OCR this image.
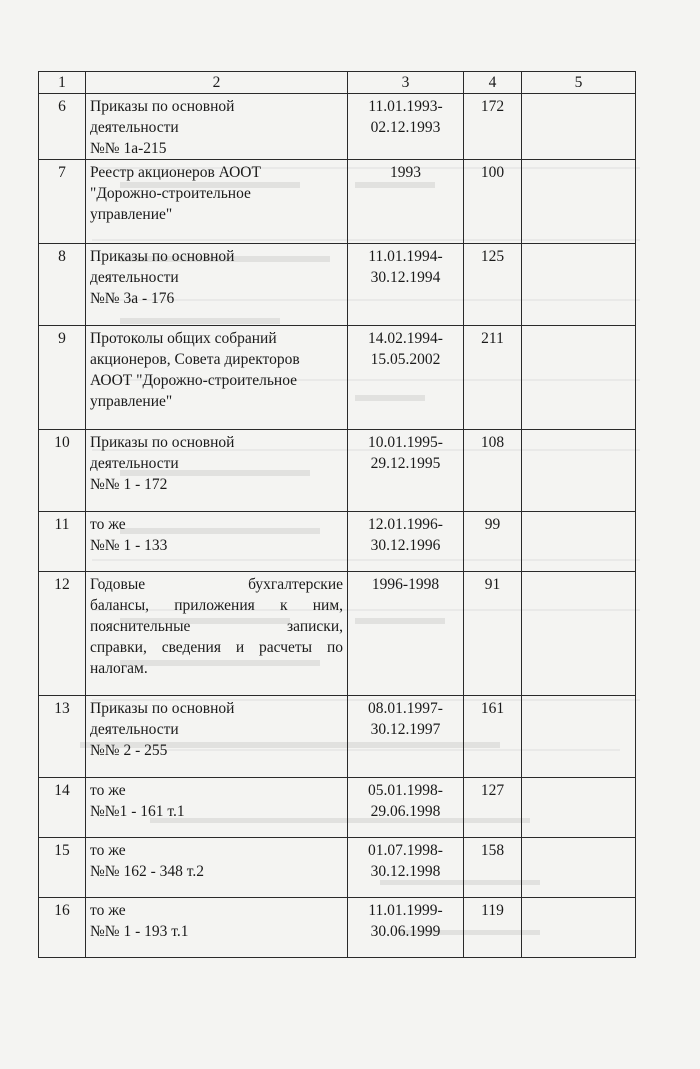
1	2	3	4	5
6	Приказы по основной
деятельности
№№ 1а-215	11.01.1993-
02.12.1993	172	
7	Реестр акционеров АООТ
"Дорожно-строительное
управление"	1993	100	
8	Приказы по основной
деятельности
№№ 3а - 176	11.01.1994-
30.12.1994	125	
9	Протоколы общих собраний
акционеров, Совета директоров
АООТ "Дорожно-строительное
управление"	14.02.1994-
15.05.2002	211	
10	Приказы по основной
деятельности
№№ 1 - 172	10.01.1995-
29.12.1995	108	
11	то же
№№ 1 - 133	12.01.1996-
30.12.1996	99	
12	Годовые бухгалтерские
балансы, приложения к ним,
пояснительные записки,
справки, сведения и расчеты по
налогам.	1996-1998	91	
13	Приказы по основной
деятельности
№№ 2 - 255	08.01.1997-
30.12.1997	161	
14	то же
№№1 - 161 т.1	05.01.1998-
29.06.1998	127	
15	то же
№№ 162 - 348 т.2	01.07.1998-
30.12.1998	158	
16	то же
№№ 1 - 193 т.1	11.01.1999-
30.06.1999	119	
